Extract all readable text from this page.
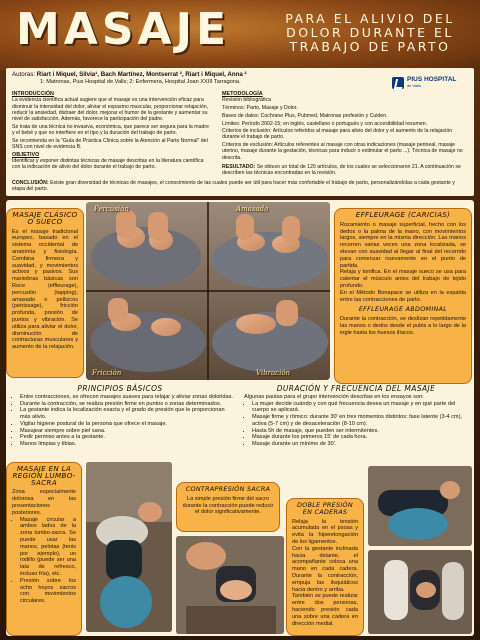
MASAJE	PARA EL ALIVIO DEL
DOLOR DURANTE EL
TRABAJO DE PARTO
PIUS HOSPITAL
de Valls
Autoras: Riart i Miquel, Silvia¹, Bach Martínez, Montserrat ², Riart i Miquel, Anna ²
1: Matronas, Pius Hospital de Valls; 2: Enfermera, Hospital Joan XXIII Tarragona.
INTRODUCCIÓN

La evidencia científica actual sugiere que el masaje es una intervención eficaz para disminuir la intensidad del dolor, aliviar el espasmo muscular, proporcionar relajación, reducir la ansiedad, distraer del dolor, mejorar el humor de la gestante y aumentar su nivel de satisfacción. Además, favorece la participación del padre.

Se trata de una técnica no invasiva, económica, que parece ser segura para la madre y el bebé y que no interfiere en el tipo y la duración del trabajo de parto.

Se recomienda en la "Guía de Práctica Clínica sobre la Atención al Parto Normal" del SNS con nivel de evidencia B.

OBJETIVO

Identificar y exponer distintas técnicas de masaje descritas en la literatura científica con la indicación de alivio del dolor durante el trabajo de parto.

METODOLOGÍA

Revisión bibliográfica

Términos: Parto, Masaje y Dolor.

Bases de datos: Cochrane Plus, Pubmed, Matronas profesión y Cuiden.

Límites: Período 2002-15; en inglés, castellano o portugués y con accesibilidad resumen.

Criterios de inclusión: Artículos referidos al masaje para alivio del dolor y el aumento de la relajación durante el trabajo de parto.

Criterios de exclusión: Artículos referentes al masaje con otras indicaciones (masaje perineal, masaje uterino, masaje durante la gestación, técnicas para inducir o estimular el parto ...). Técnica de masaje no descrita.

RESULTADO: Se obtuvo un total de 120 artículos, de los cuales se seleccionaron 21. A continuación se describen las técnicas encontradas en la revisión.

CONCLUSIÓN: Existe gran diversidad de técnicas de masajes, el conocimiento de las cuales puede ser útil para hacer más confortable el trabajo de parto, personalizándolas a cada gestante y etapa del parto.

Percusión	Amasado
Fricción	Vibración
MASAJE CLÁSICO O SUECO

Es el masaje tradicional europeo, basado en el sistema occidental de anatomía y fisiología. Combina firmeza y suavidad, y movimientos activos y pasivos. Sus maniobras básicas son Roce (effleurage), percusión (tapping), amasado o pellizcos (petrissage), fricción profunda, presión de puntos y vibración. Se utiliza para aliviar el dolor, disminución de contracturas musculares y aumento de la relajación.

EFFLEURAGE (CARICIAS)

Rozamiento o masaje superficial, hecho con los dedos o la palma de la mano, con movimientos largos, siempre en la misma dirección. Las manos recorren varias veces una zona localizada, se elevan con suavidad al llegar al final del recorrido para comenzar nuevamente en el punto de partida.

Relaja y tonifica. En el masaje sueco se usa para calentar el músculo antes del trabajo de tejido profundo.

En el Método Bonapace se utiliza en la espalda entre las contracciones de parto.

EFFLEURAGE ABDOMINAL

Durante la contracción, se deslizan repetidamente las manos o dedos desde el pubis a lo largo de la ingle hasta los huesos ilíacos.

PRINCIPIOS BÁSICOS
• Entre contracciones, se ofrecen masajes suaves para relajar y aliviar zonas doloridas.
• Durante la contracción, se realiza presión firme en puntos o zonas determinados.
• La gestante indica la localización exacta y el grado de presión que le proporcionan más alivio.
• Vigilar higiene postural de la persona que ofrece el masaje.
• Masajear siempre sobre piel sana.
• Pedir permiso antes a la gestante.
• Manos limpias y tibias.
DURACIÓN Y FRECUENCIA DEL MASAJE
Algunas pautas para el grupo intervención descritas en los ensayos son:
• La mujer decide cuándo y con qué frecuencia desea un masaje y en qué parte del cuerpo se aplicará.
• Masaje firme y rítmico: durante 30' en tres momentos distintos: fase latente (3-4 cm), activa (5-7 cm) y de desaceleración (8-10 cm).
• Hasta 5h de masaje, que pueden ser intermitentes.
• Masaje durante los primeros 15' de cada hora.
• Masaje durante un mínimo de 30'.
MASAJE EN LA REGIÓN LUMBO-SACRA

Zona especialmente dolorosa en las presentaciones posteriores.

• Masaje circular a ambos lados de la zona lumbo-sacra. Se puede usar las manos, pelotas (tenis por ejemplo), un rodillo (puede ser una lata de refresco, incluso fría), etc.
• Presión sobre los ocho hoyos sacros con movimientos circulares.
CONTRAPRESIÓN SACRA

La simple presión firme del sacro durante la contracción puede reducir el dolor significativamente.

DOBLE PRESIÓN EN CADERAS

Relaja la tensión acumulada en el psoas y evita la hiperelongación de los ligamentos.

Con la gestante inclinada hacia delante, el acompañante coloca una mano en cada cadera. Durante la contracción, empuja las ilsquiáticos hacia dentro y arriba.

También se puede realizar entre dos personas, haciendo presión cada una sobre una cadera en dirección medial.
